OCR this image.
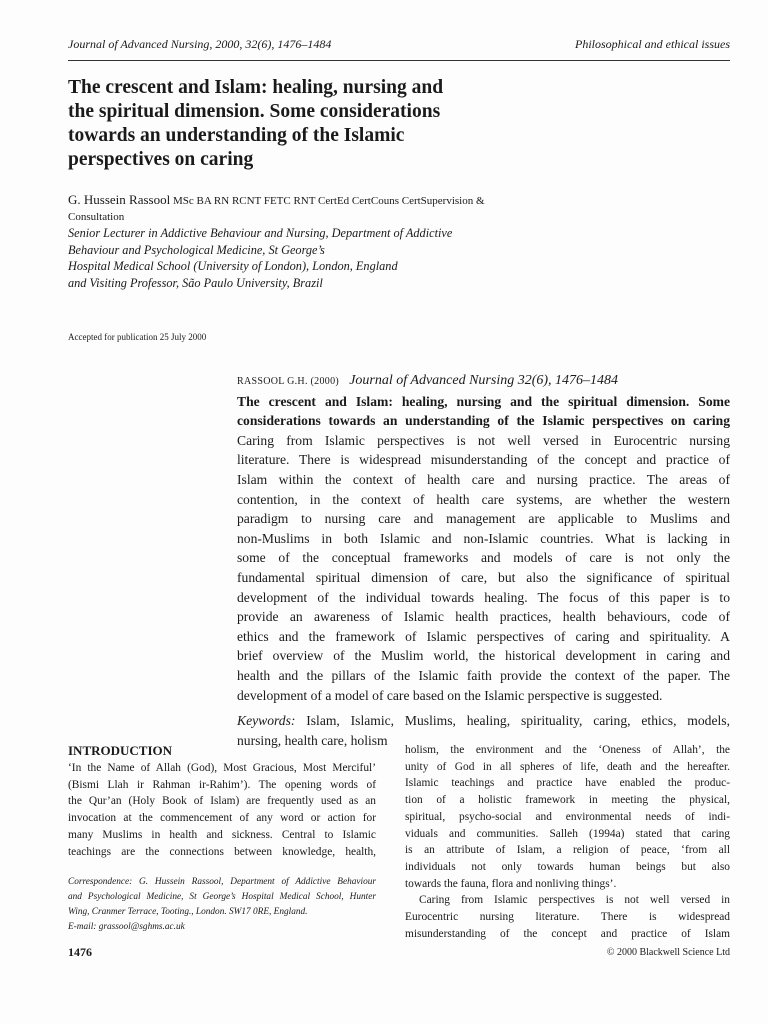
Journal of Advanced Nursing, 2000, 32(6), 1476–1484	Philosophical and ethical issues
The crescent and Islam: healing, nursing and
the spiritual dimension. Some considerations
towards an understanding of the Islamic
perspectives on caring
G. Hussein Rassool MSc BA RN RCNT FETC RNT CertEd CertCouns CertSupervision &
Consultation
Senior Lecturer in Addictive Behaviour and Nursing, Department of Addictive
Behaviour and Psychological Medicine, St George’s
Hospital Medical School (University of London), London, England
and Visiting Professor, São Paulo University, Brazil
Accepted for publication 25 July 2000
RASSOOL G.H. (2000) Journal of Advanced Nursing 32(6), 1476–1484
The crescent and Islam: healing, nursing and the spiritual dimension. Some
considerations towards an understanding of the Islamic perspectives on caring
Caring from Islamic perspectives is not well versed in Eurocentric nursing
literature. There is widespread misunderstanding of the concept and practice of
Islam within the context of health care and nursing practice. The areas of
contention, in the context of health care systems, are whether the western
paradigm to nursing care and management are applicable to Muslims and
non-Muslims in both Islamic and non-Islamic countries. What is lacking in
some of the conceptual frameworks and models of care is not only the
fundamental spiritual dimension of care, but also the significance of spiritual
development of the individual towards healing. The focus of this paper is to
provide an awareness of Islamic health practices, health behaviours, code of
ethics and the framework of Islamic perspectives of caring and spirituality. A
brief overview of the Muslim world, the historical development in caring and
health and the pillars of the Islamic faith provide the context of the paper. The
development of a model of care based on the Islamic perspective is suggested.
Keywords: Islam, Islamic, Muslims, healing, spirituality, caring, ethics, models,
nursing, health care, holism
INTRODUCTION
‘In the Name of Allah (God), Most Gracious, Most Merciful’
(Bismi Llah ir Rahman ir-Rahim’). The opening words of
the Qur’an (Holy Book of Islam) are frequently used as an
invocation at the commencement of any word or action for
many Muslims in health and sickness. Central to Islamic
teachings are the connections between knowledge, health,
holism, the environment and the ‘Oneness of Allah’, the
unity of God in all spheres of life, death and the hereafter.
Islamic teachings and practice have enabled the produc-
tion of a holistic framework in meeting the physical,
spiritual, psycho-social and environmental needs of indi-
viduals and communities. Salleh (1994a) stated that caring
is an attribute of Islam, a religion of peace, ‘from all
individuals not only towards human beings but also
towards the fauna, flora and nonliving things’.
Caring from Islamic perspectives is not well versed in
Eurocentric nursing literature. There is widespread
misunderstanding of the concept and practice of Islam
Correspondence: G. Hussein Rassool, Department of Addictive Behaviour
and Psychological Medicine, St George’s Hospital Medical School, Hunter
Wing, Cranmer Terrace, Tooting., London. SW17 0RE, England.
E-mail: grassool@sghms.ac.uk
1476	© 2000 Blackwell Science Ltd
